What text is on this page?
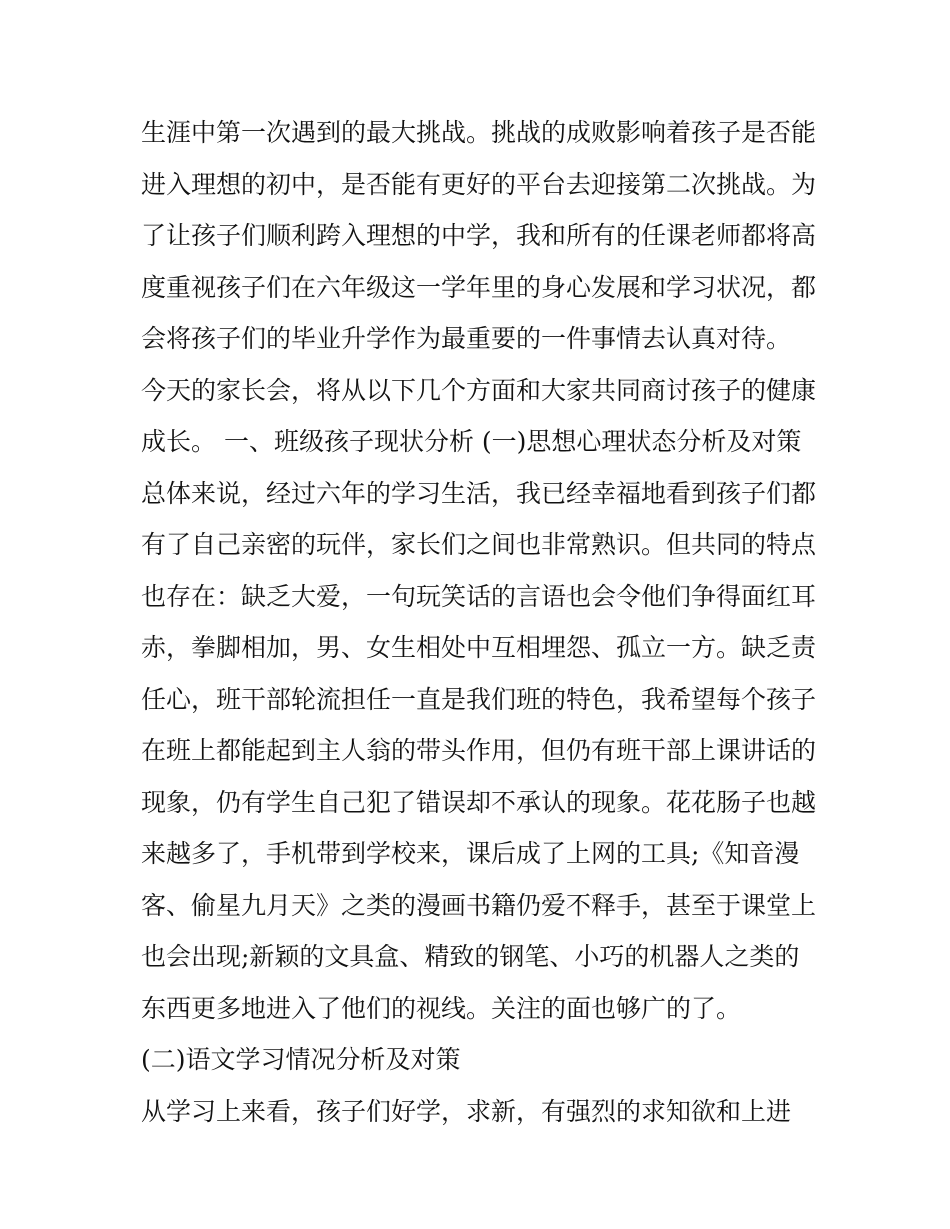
生涯中第一次遇到的最大挑战。挑战的成败影响着孩子是否能
进入理想的初中，是否能有更好的平台去迎接第二次挑战。为
了让孩子们顺利跨入理想的中学，我和所有的任课老师都将高
度重视孩子们在六年级这一学年里的身心发展和学习状况，都
会将孩子们的毕业升学作为最重要的一件事情去认真对待。
今天的家长会，将从以下几个方面和大家共同商讨孩子的健康
成长。 一、班级孩子现状分析 (一)思想心理状态分析及对策
总体来说，经过六年的学习生活，我已经幸福地看到孩子们都
有了自己亲密的玩伴，家长们之间也非常熟识。但共同的特点
也存在：缺乏大爱，一句玩笑话的言语也会令他们争得面红耳
赤，拳脚相加，男、女生相处中互相埋怨、孤立一方。缺乏责
任心，班干部轮流担任一直是我们班的特色，我希望每个孩子
在班上都能起到主人翁的带头作用，但仍有班干部上课讲话的
现象，仍有学生自己犯了错误却不承认的现象。花花肠子也越
来越多了，手机带到学校来，课后成了上网的工具;《知音漫
客、偷星九月天》之类的漫画书籍仍爱不释手，甚至于课堂上
也会出现;新颖的文具盒、精致的钢笔、小巧的机器人之类的
东西更多地进入了他们的视线。关注的面也够广的了。
(二)语文学习情况分析及对策
从学习上来看，孩子们好学，求新，有强烈的求知欲和上进
